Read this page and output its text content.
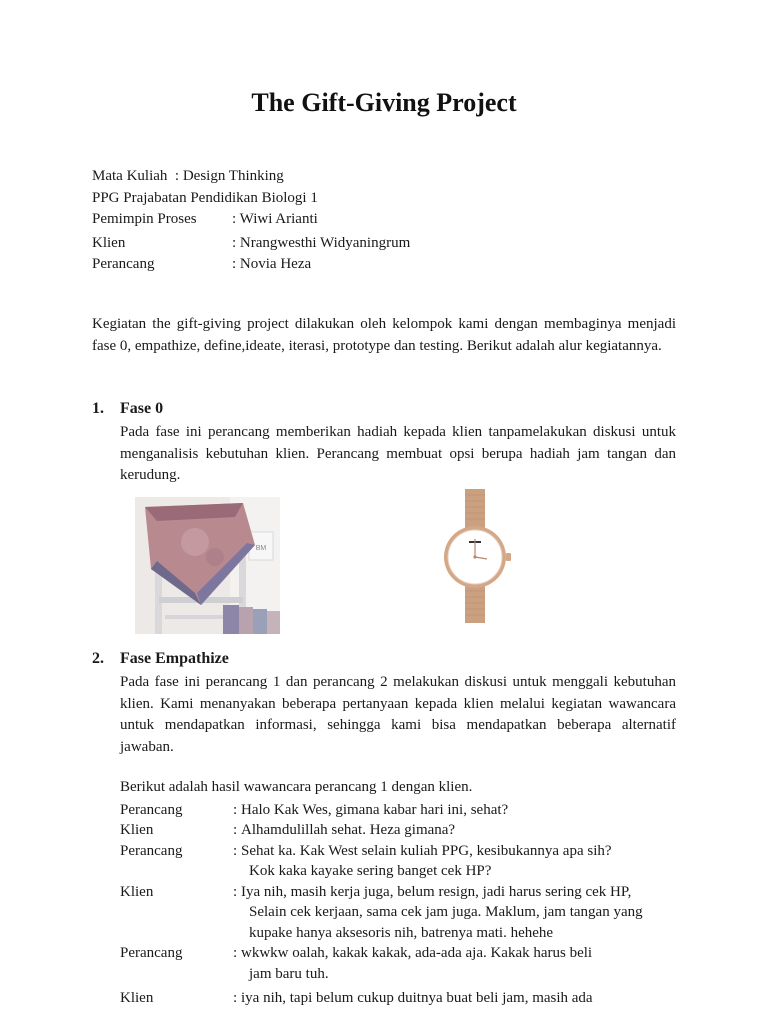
The Gift-Giving Project
Mata Kuliah
: Design Thinking
PPG Prajabatan Pendidikan Biologi 1
Pemimpin Proses	: Wiwi Arianti
Klien	: Nrangwesthi Widyaningrum
Perancang	: Novia Heza

Kegiatan the gift-giving project dilakukan oleh kelompok kami dengan membaginya menjadi fase 0, empathize, define,ideate, iterasi, prototype dan testing. Berikut adalah alur kegiatannya.

1. Fase 0

Pada fase ini perancang memberikan hadiah kepada klien tanpamelakukan diskusi untuk menganalisis kebutuhan klien. Perancang membuat opsi berupa hadiah jam tangan dan kerudung.

BM
2. Fase Empathize

Pada fase ini perancang 1 dan perancang 2 melakukan diskusi untuk menggali kebutuhan klien. Kami menanyakan beberapa pertanyaan kepada klien melalui kegiatan wawancara untuk mendapatkan informasi, sehingga kami bisa mendapatkan beberapa alternatif jawaban.

Berikut adalah hasil wawancara perancang 1 dengan klien.

Perancang	: Halo Kak Wes, gimana kabar hari ini, sehat?
Klien	: Alhamdulillah sehat. Heza gimana?
Perancang	: Sehat ka. Kak West selain kuliah PPG, kesibukannya apa sih?
Kok kaka kayake sering banget cek HP?
Klien	: Iya nih, masih kerja juga, belum resign, jadi harus sering cek HP,
Selain cek kerjaan, sama cek jam juga. Maklum, jam tangan yang
kupake hanya aksesoris nih, batrenya mati. hehehe
Perancang	: wkwkw oalah, kakak kakak, ada-ada aja. Kakak harus beli
jam baru tuh.
Klien	: iya nih, tapi belum cukup duitnya buat beli jam, masih ada
